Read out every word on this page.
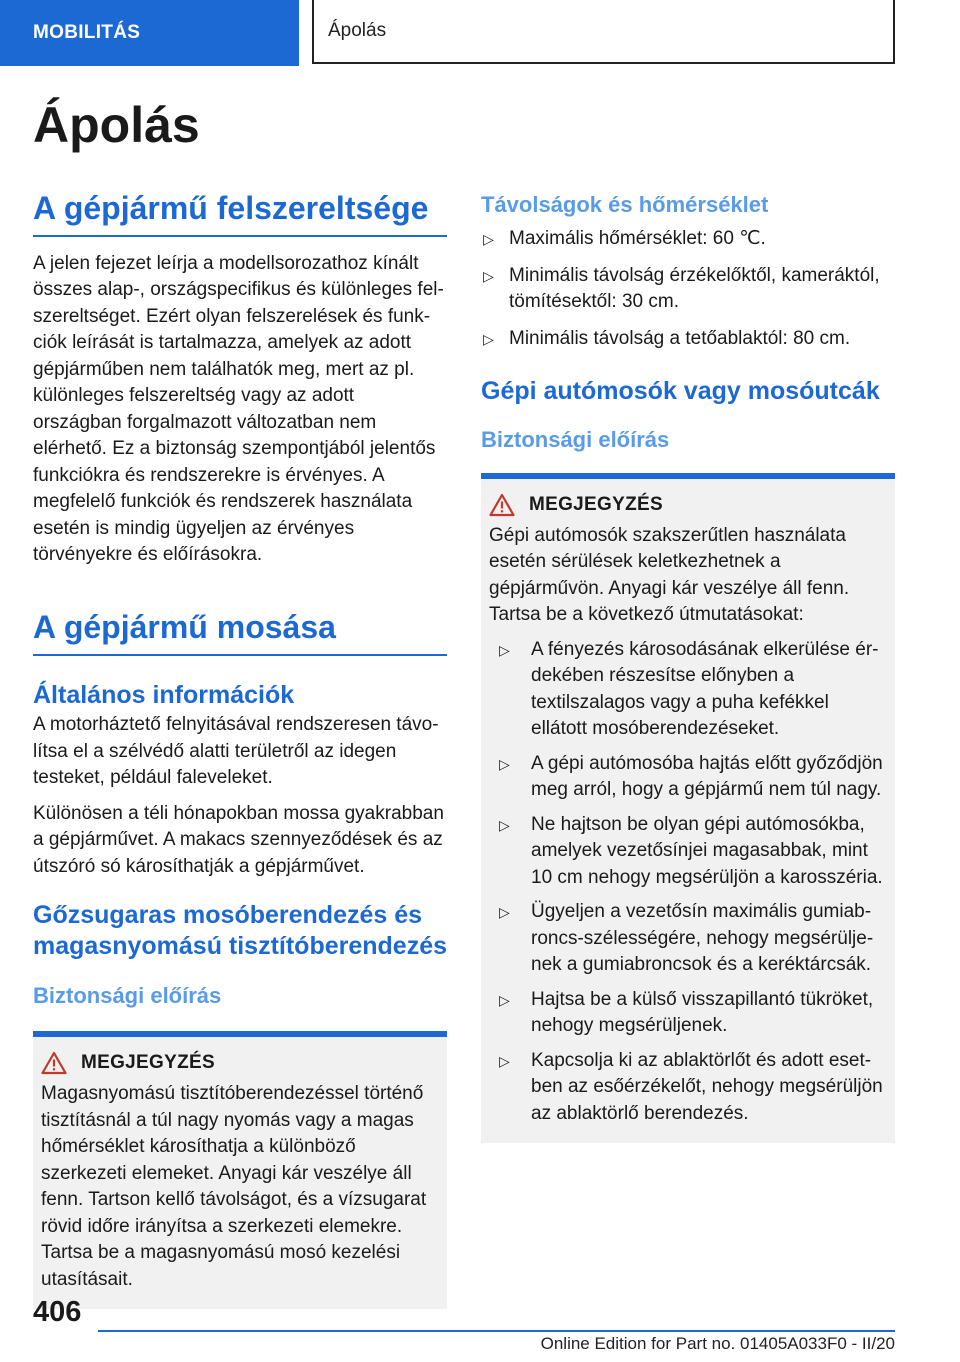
MOBILITÁS	Ápolás
Ápolás
A gépjármű felszereltsége

A jelen fejezet leírja a modellsorozathoz kínált összes alap-, országspecifikus és különleges felszereltséget. Ezért olyan felszerelések és funkciók leírását is tartalmazza, amelyek az adott gépjárműben nem találhatók meg, mert az pl. különleges felszereltség vagy az adott országban forgalmazott változatban nem elérhető. Ez a biztonság szempontjából jelentős funkciókra és rendszerekre is érvényes. A megfelelő funkciók és rendszerek használata esetén is mindig ügyeljen az érvényes törvényekre és előírásokra.

A gépjármű mosása
Általános információk

A motorháztető felnyitásával rendszeresen távolítsa el a szélvédő alatti területről az idegen testeket, például faleveleket.

Különösen a téli hónapokban mossa gyakrabban a gépjárművet. A makacs szennyeződések és az útszóró só károsíthatják a gépjárművet.

Gőzsugaras mosóberendezés és magasnyomású tisztítóberendezés
Biztonsági előírás
MEGJEGYZÉS

Magasnyomású tisztítóberendezéssel történő tisztításnál a túl nagy nyomás vagy a magas hőmérséklet károsíthatja a különböző szerkezeti elemeket. Anyagi kár veszélye áll fenn. Tartson kellő távolságot, és a vízsugarat rövid időre irányítsa a szerkezeti elemekre. Tartsa be a magasnyomású mosó kezelési utasításait.

Távolságok és hőmérséklet
▷ Maximális hőmérséklet: 60 ℃.
▷ Minimális távolság érzékelőktől, kameráktól, tömítésektől: 30 cm.
▷ Minimális távolság a tetőablaktól: 80 cm.
Gépi autómosók vagy mosóutcák
Biztonsági előírás
MEGJEGYZÉS

Gépi autómosók szakszerűtlen használata esetén sérülések keletkezhetnek a gépjárművön. Anyagi kár veszélye áll fenn. Tartsa be a következő útmutatásokat:

▷ A fényezés károsodásának elkerülése érdekében részesítse előnyben a textilszalagos vagy a puha kefékkel ellátott mosóberendezéseket.
▷ A gépi autómosóba hajtás előtt győződjön meg arról, hogy a gépjármű nem túl nagy.
▷ Ne hajtson be olyan gépi autómosókba, amelyek vezetősínjei magasabbak, mint 10 cm nehogy megsérüljön a karosszéria.
▷ Ügyeljen a vezetősín maximális gumiabroncs-szélességére, nehogy megsérüljenek a gumiabroncsok és a keréktárcsák.
▷ Hajtsa be a külső visszapillantó tükröket, nehogy megsérüljenek.
▷ Kapcsolja ki az ablaktörlőt és adott esetben az esőérzékelőt, nehogy megsérüljön az ablaktörlő berendezés.
406
Online Edition for Part no. 01405A033F0 - II/20
